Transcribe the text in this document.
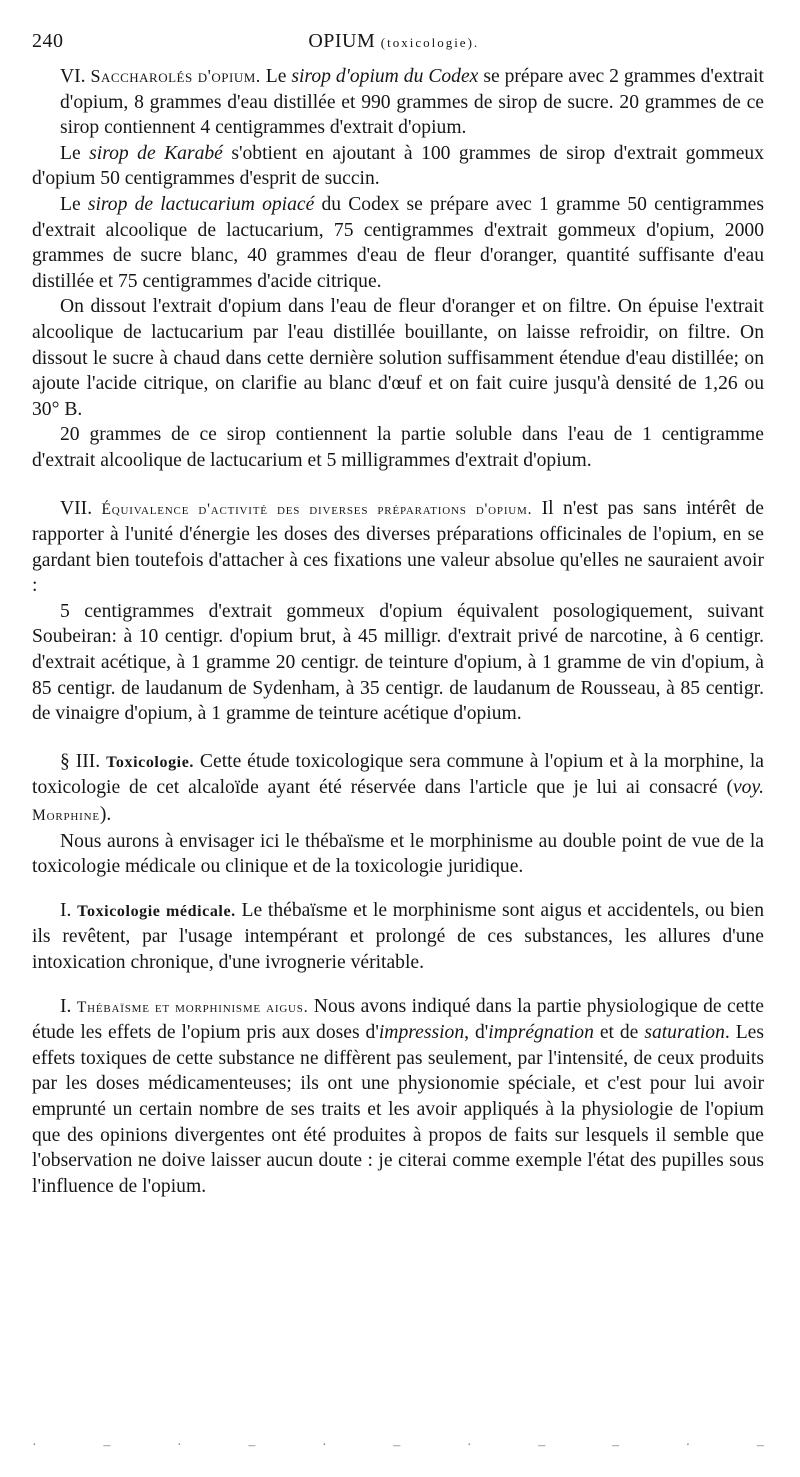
240	OPIUM (toxicologie).

VI. Saccharolés d'opium. Le sirop d'opium du Codex se prépare avec 2 grammes d'extrait d'opium, 8 grammes d'eau distillée et 990 grammes de sirop de sucre. 20 grammes de ce sirop contiennent 4 centigrammes d'extrait d'opium.

Le sirop de Karabé s'obtient en ajoutant à 100 grammes de sirop d'extrait gommeux d'opium 50 centigrammes d'esprit de succin.

Le sirop de lactucarium opiacé du Codex se prépare avec 1 gramme 50 centigrammes d'extrait alcoolique de lactucarium, 75 centigrammes d'extrait gommeux d'opium, 2000 grammes de sucre blanc, 40 grammes d'eau de fleur d'oranger, quantité suffisante d'eau distillée et 75 centigrammes d'acide citrique.

On dissout l'extrait d'opium dans l'eau de fleur d'oranger et on filtre. On épuise l'extrait alcoolique de lactucarium par l'eau distillée bouillante, on laisse refroidir, on filtre. On dissout le sucre à chaud dans cette dernière solution suffisamment étendue d'eau distillée; on ajoute l'acide citrique, on clarifie au blanc d'œuf et on fait cuire jusqu'à densité de 1,26 ou 30° B.

20 grammes de ce sirop contiennent la partie soluble dans l'eau de 1 centigramme d'extrait alcoolique de lactucarium et 5 milligrammes d'extrait d'opium.

VII. Équivalence d'activité des diverses préparations d'opium. Il n'est pas sans intérêt de rapporter à l'unité d'énergie les doses des diverses préparations officinales de l'opium, en se gardant bien toutefois d'attacher à ces fixations une valeur absolue qu'elles ne sauraient avoir :

5 centigrammes d'extrait gommeux d'opium équivalent posologiquement, suivant Soubeiran: à 10 centigr. d'opium brut, à 45 milligr. d'extrait privé de narcotine, à 6 centigr. d'extrait acétique, à 1 gramme 20 centigr. de teinture d'opium, à 1 gramme de vin d'opium, à 85 centigr. de laudanum de Sydenham, à 35 centigr. de laudanum de Rousseau, à 85 centigr. de vinaigre d'opium, à 1 gramme de teinture acétique d'opium.

§ III. Toxicologie. Cette étude toxicologique sera commune à l'opium et à la morphine, la toxicologie de cet alcaloïde ayant été réservée dans l'article que je lui ai consacré (voy. Morphine).

Nous aurons à envisager ici le thébaïsme et le morphinisme au double point de vue de la toxicologie médicale ou clinique et de la toxicologie juridique.

I. Toxicologie médicale. Le thébaïsme et le morphinisme sont aigus et accidentels, ou bien ils revêtent, par l'usage intempérant et prolongé de ces substances, les allures d'une intoxication chronique, d'une ivrognerie véritable.

I. Thébaïsme et morphinisme aigus. Nous avons indiqué dans la partie physiologique de cette étude les effets de l'opium pris aux doses d'impression, d'imprégnation et de saturation. Les effets toxiques de cette substance ne diffèrent pas seulement, par l'intensité, de ceux produits par les doses médicamenteuses; ils ont une physionomie spéciale, et c'est pour lui avoir emprunté un certain nombre de ses traits et les avoir appliqués à la physiologie de l'opium que des opinions divergentes ont été produites à propos de faits sur lesquels il semble que l'observation ne doive laisser aucun doute : je citerai comme exemple l'état des pupilles sous l'influence de l'opium.

·	–	·	–	·	–	·	–	–	·	–
